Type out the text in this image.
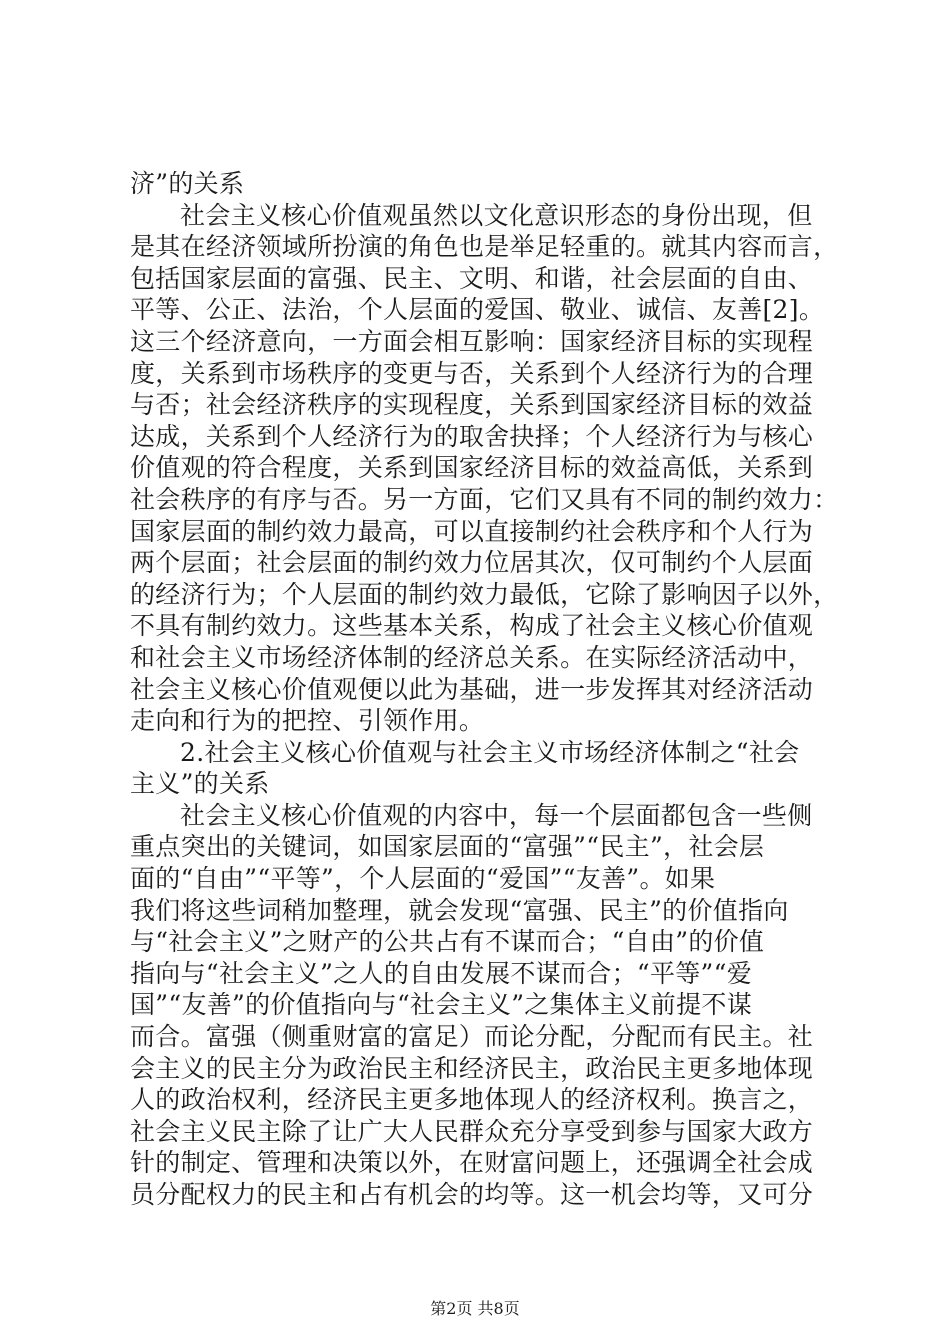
济”的关系
社会主义核心价值观虽然以文化意识形态的身份出现，但
是其在经济领域所扮演的角色也是举足轻重的。就其内容而言，
包括国家层面的富强、民主、文明、和谐，社会层面的自由、
平等、公正、法治，个人层面的爱国、敬业、诚信、友善[2]。
这三个经济意向，一方面会相互影响：国家经济目标的实现程
度，关系到市场秩序的变更与否，关系到个人经济行为的合理
与否；社会经济秩序的实现程度，关系到国家经济目标的效益
达成，关系到个人经济行为的取舍抉择；个人经济行为与核心
价值观的符合程度，关系到国家经济目标的效益高低，关系到
社会秩序的有序与否。另一方面，它们又具有不同的制约效力：
国家层面的制约效力最高，可以直接制约社会秩序和个人行为
两个层面；社会层面的制约效力位居其次，仅可制约个人层面
的经济行为；个人层面的制约效力最低，它除了影响因子以外，
不具有制约效力。这些基本关系，构成了社会主义核心价值观
和社会主义市场经济体制的经济总关系。在实际经济活动中，
社会主义核心价值观便以此为基础，进一步发挥其对经济活动
走向和行为的把控、引领作用。
2.社会主义核心价值观与社会主义市场经济体制之“社会
主义”的关系
社会主义核心价值观的内容中，每一个层面都包含一些侧
重点突出的关键词，如国家层面的“富强”“民主”，社会层
面的“自由”“平等”，个人层面的“爱国”“友善”。如果
我们将这些词稍加整理，就会发现“富强、民主”的价值指向
与“社会主义”之财产的公共占有不谋而合；“自由”的价值
指向与“社会主义”之人的自由发展不谋而合；“平等”“爱
国”“友善”的价值指向与“社会主义”之集体主义前提不谋
而合。富强（侧重财富的富足）而论分配，分配而有民主。社
会主义的民主分为政治民主和经济民主，政治民主更多地体现
人的政治权利，经济民主更多地体现人的经济权利。换言之，
社会主义民主除了让广大人民群众充分享受到参与国家大政方
针的制定、管理和决策以外，在财富问题上，还强调全社会成
员分配权力的民主和占有机会的均等。这一机会均等，又可分
第2页 共8页
